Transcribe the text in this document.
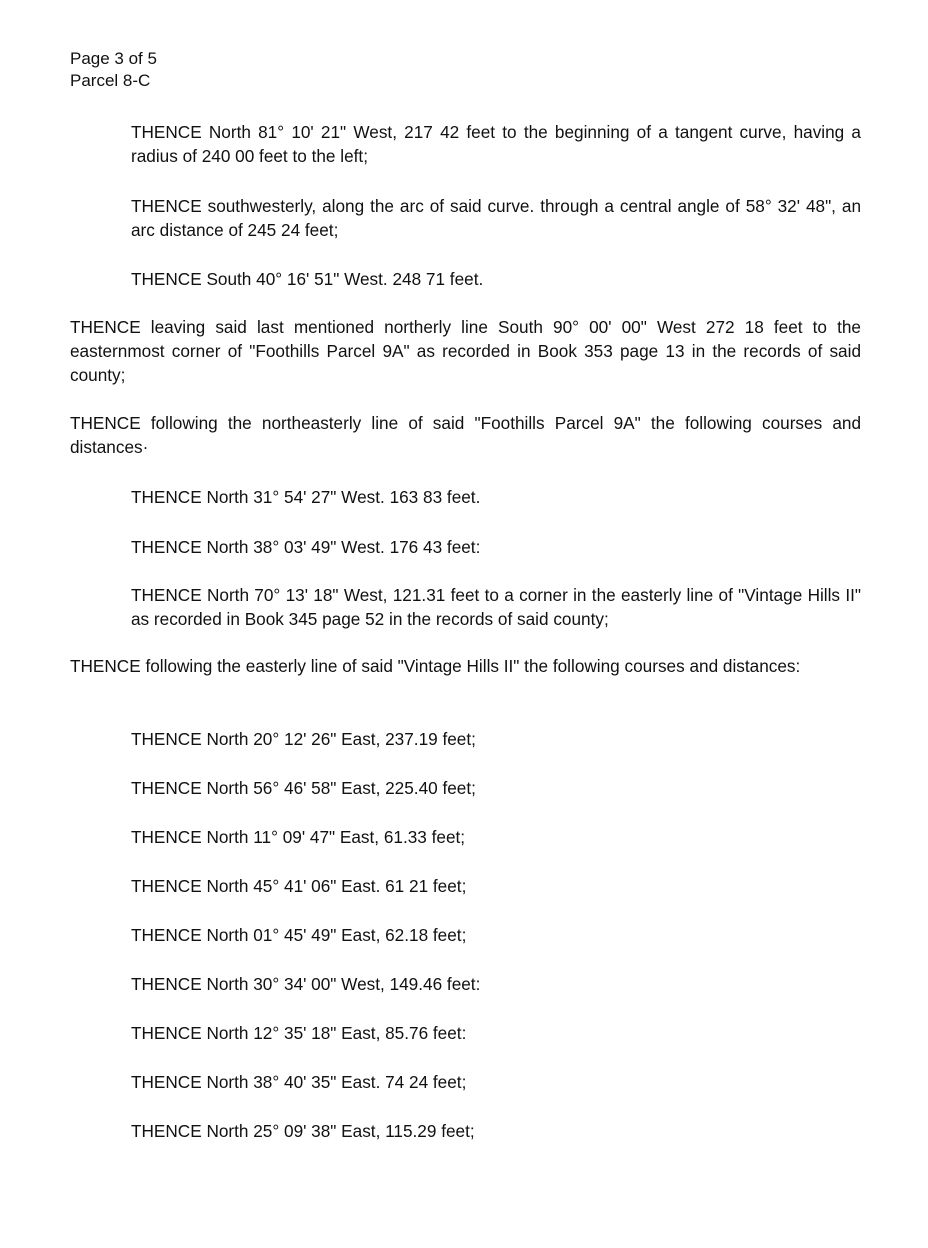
Page 3 of 5
Parcel 8-C

THENCE North 81° 10' 21" West, 217 42 feet to the beginning of a tangent curve, having a radius of 240 00 feet to the left;

THENCE southwesterly, along the arc of said curve. through a central angle of 58° 32' 48", an arc distance of 245 24 feet;

THENCE South 40° 16' 51" West. 248 71 feet.

THENCE leaving said last mentioned northerly line South 90° 00' 00" West 272 18 feet to the easternmost corner of "Foothills Parcel 9A" as recorded in Book 353 page 13 in the records of said county;

THENCE following the northeasterly line of said "Foothills Parcel 9A" the following courses and distances·

THENCE North 31° 54' 27" West. 163 83 feet.

THENCE North 38° 03' 49" West. 176 43 feet:

THENCE North 70° 13' 18" West, 121.31 feet to a corner in the easterly line of "Vintage Hills II" as recorded in Book 345 page 52 in the records of said county;

THENCE following the easterly line of said "Vintage Hills II" the following courses and distances:

THENCE North 20° 12' 26" East, 237.19 feet;

THENCE North 56° 46' 58" East, 225.40 feet;

THENCE North 11° 09' 47" East, 61.33 feet;

THENCE North 45° 41' 06" East. 61 21 feet;

THENCE North 01° 45' 49" East, 62.18 feet;

THENCE North 30° 34' 00" West, 149.46 feet:

THENCE North 12° 35' 18" East, 85.76 feet:

THENCE North 38° 40' 35" East. 74 24 feet;

THENCE North 25° 09' 38" East, 115.29 feet;
